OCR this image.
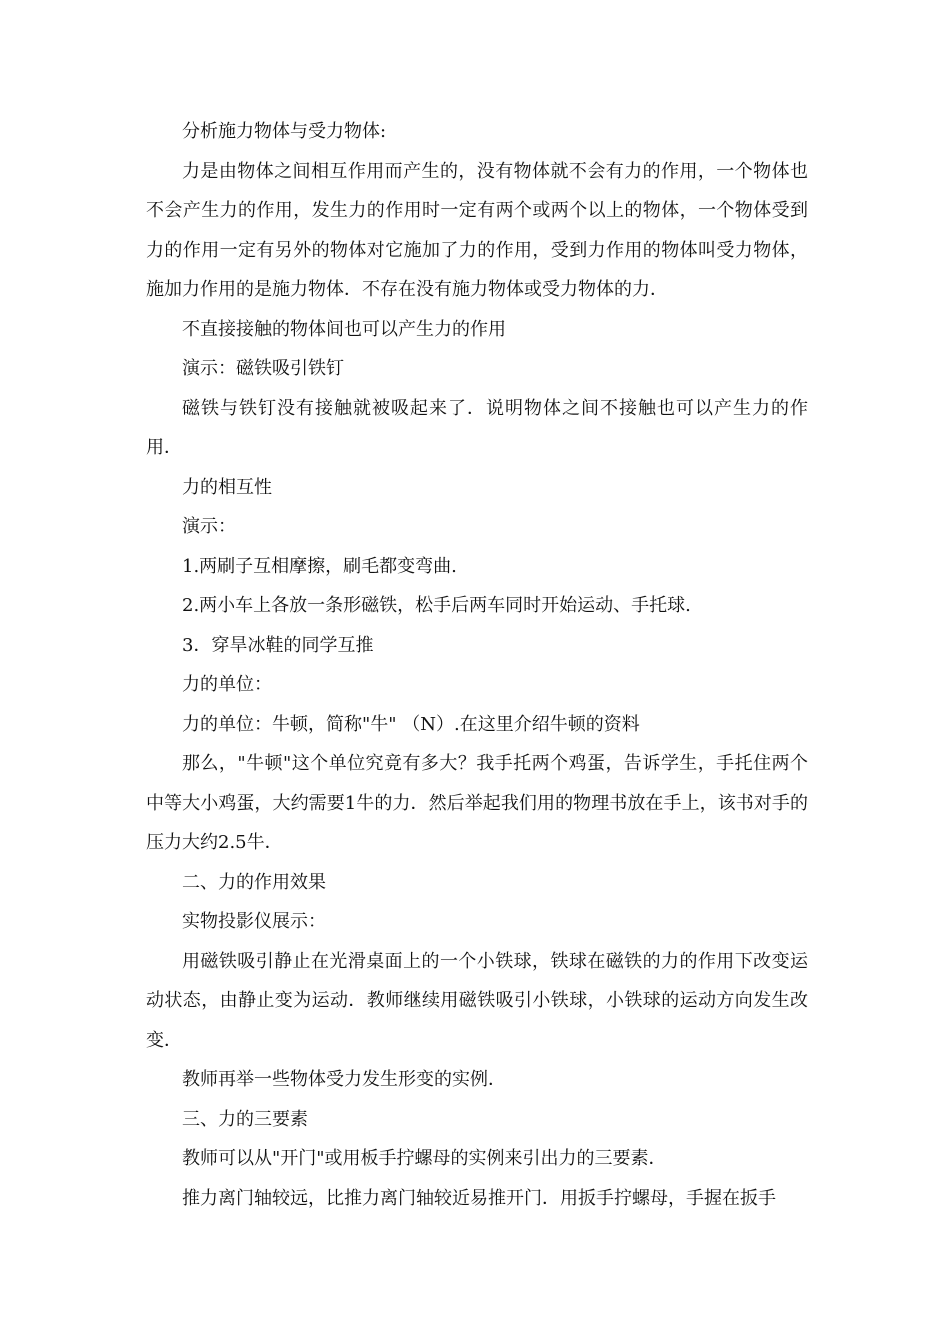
分析施力物体与受力物体:

力是由物体之间相互作用而产生的，没有物体就不会有力的作用，一个物体也不会产生力的作用，发生力的作用时一定有两个或两个以上的物体，一个物体受到力的作用一定有另外的物体对它施加了力的作用，受到力作用的物体叫受力物体，施加力作用的是施力物体．不存在没有施力物体或受力物体的力．

不直接接触的物体间也可以产生力的作用

演示：磁铁吸引铁钉

磁铁与铁钉没有接触就被吸起来了．说明物体之间不接触也可以产生力的作用．

力的相互性

演示：

1.两刷子互相摩擦，刷毛都变弯曲.

2.两小车上各放一条形磁铁，松手后两车同时开始运动、手托球.

3．穿旱冰鞋的同学互推

力的单位：

力的单位：牛顿，简称"牛" （N）.在这里介绍牛顿的资料

那么，"牛顿"这个单位究竟有多大？我手托两个鸡蛋，告诉学生，手托住两个中等大小鸡蛋，大约需要1牛的力．然后举起我们用的物理书放在手上，该书对手的压力大约2.5牛．

二、力的作用效果

实物投影仪展示：

用磁铁吸引静止在光滑桌面上的一个小铁球，铁球在磁铁的力的作用下改变运动状态，由静止变为运动．教师继续用磁铁吸引小铁球，小铁球的运动方向发生改变．

教师再举一些物体受力发生形变的实例．

三、力的三要素

教师可以从"开门"或用板手拧螺母的实例来引出力的三要素．

推力离门轴较远，比推力离门轴较近易推开门．用扳手拧螺母，手握在扳手
